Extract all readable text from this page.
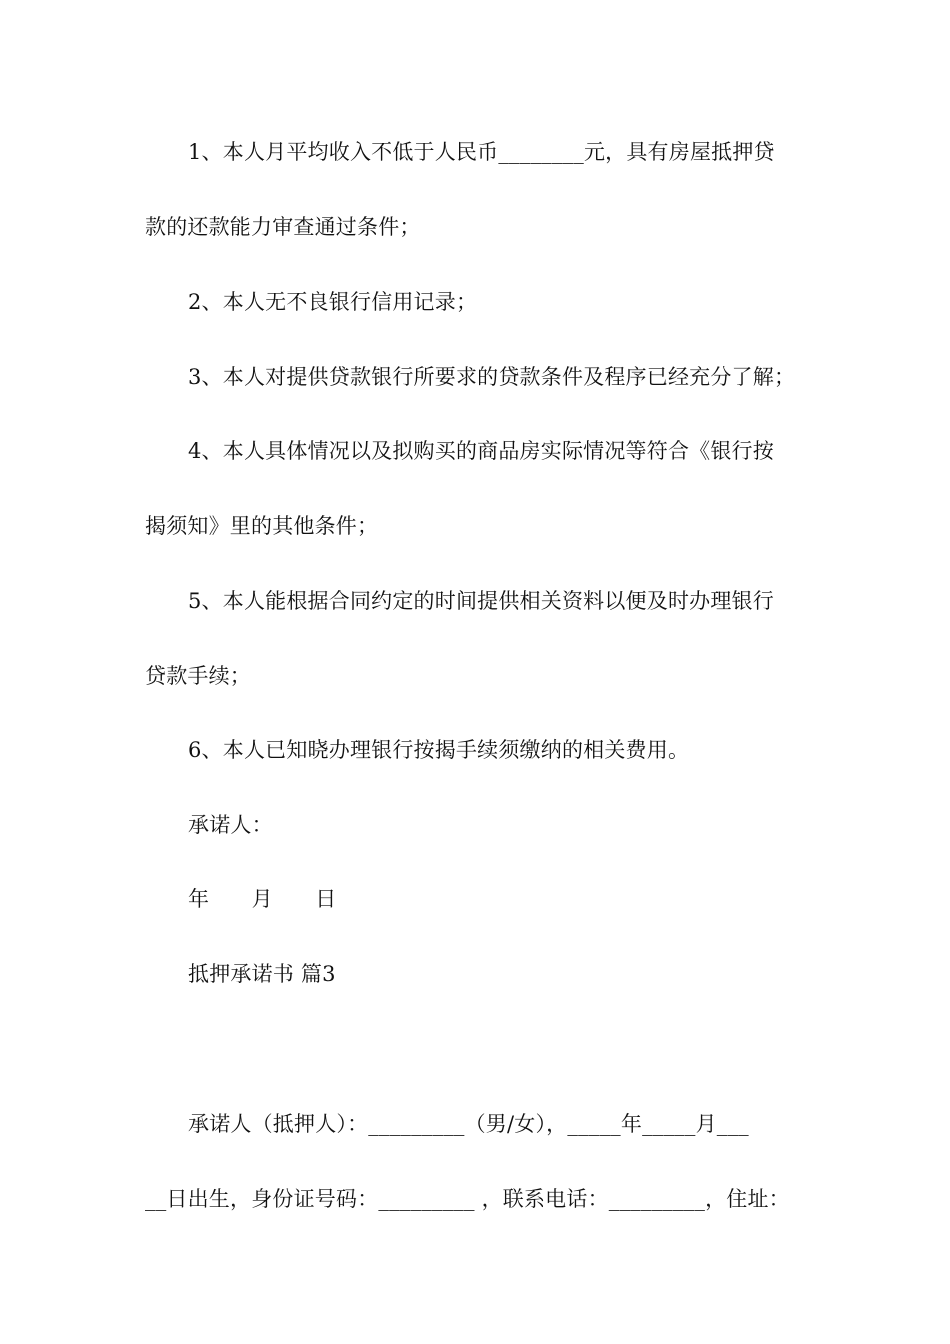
1、本人月平均收入不低于人民币________元，具有房屋抵押贷
款的还款能力审查通过条件；
2、本人无不良银行信用记录；
3、本人对提供贷款银行所要求的贷款条件及程序已经充分了解；
4、本人具体情况以及拟购买的商品房实际情况等符合《银行按
揭须知》里的其他条件；
5、本人能根据合同约定的时间提供相关资料以便及时办理银行
贷款手续；
6、本人已知晓办理银行按揭手续须缴纳的相关费用。
承诺人：
年　　月　　日
抵押承诺书 篇3
承诺人（抵押人）：_________（男/女），_____年_____月___
__日出生，身份证号码：_________ ，联系电话：_________，住址：
